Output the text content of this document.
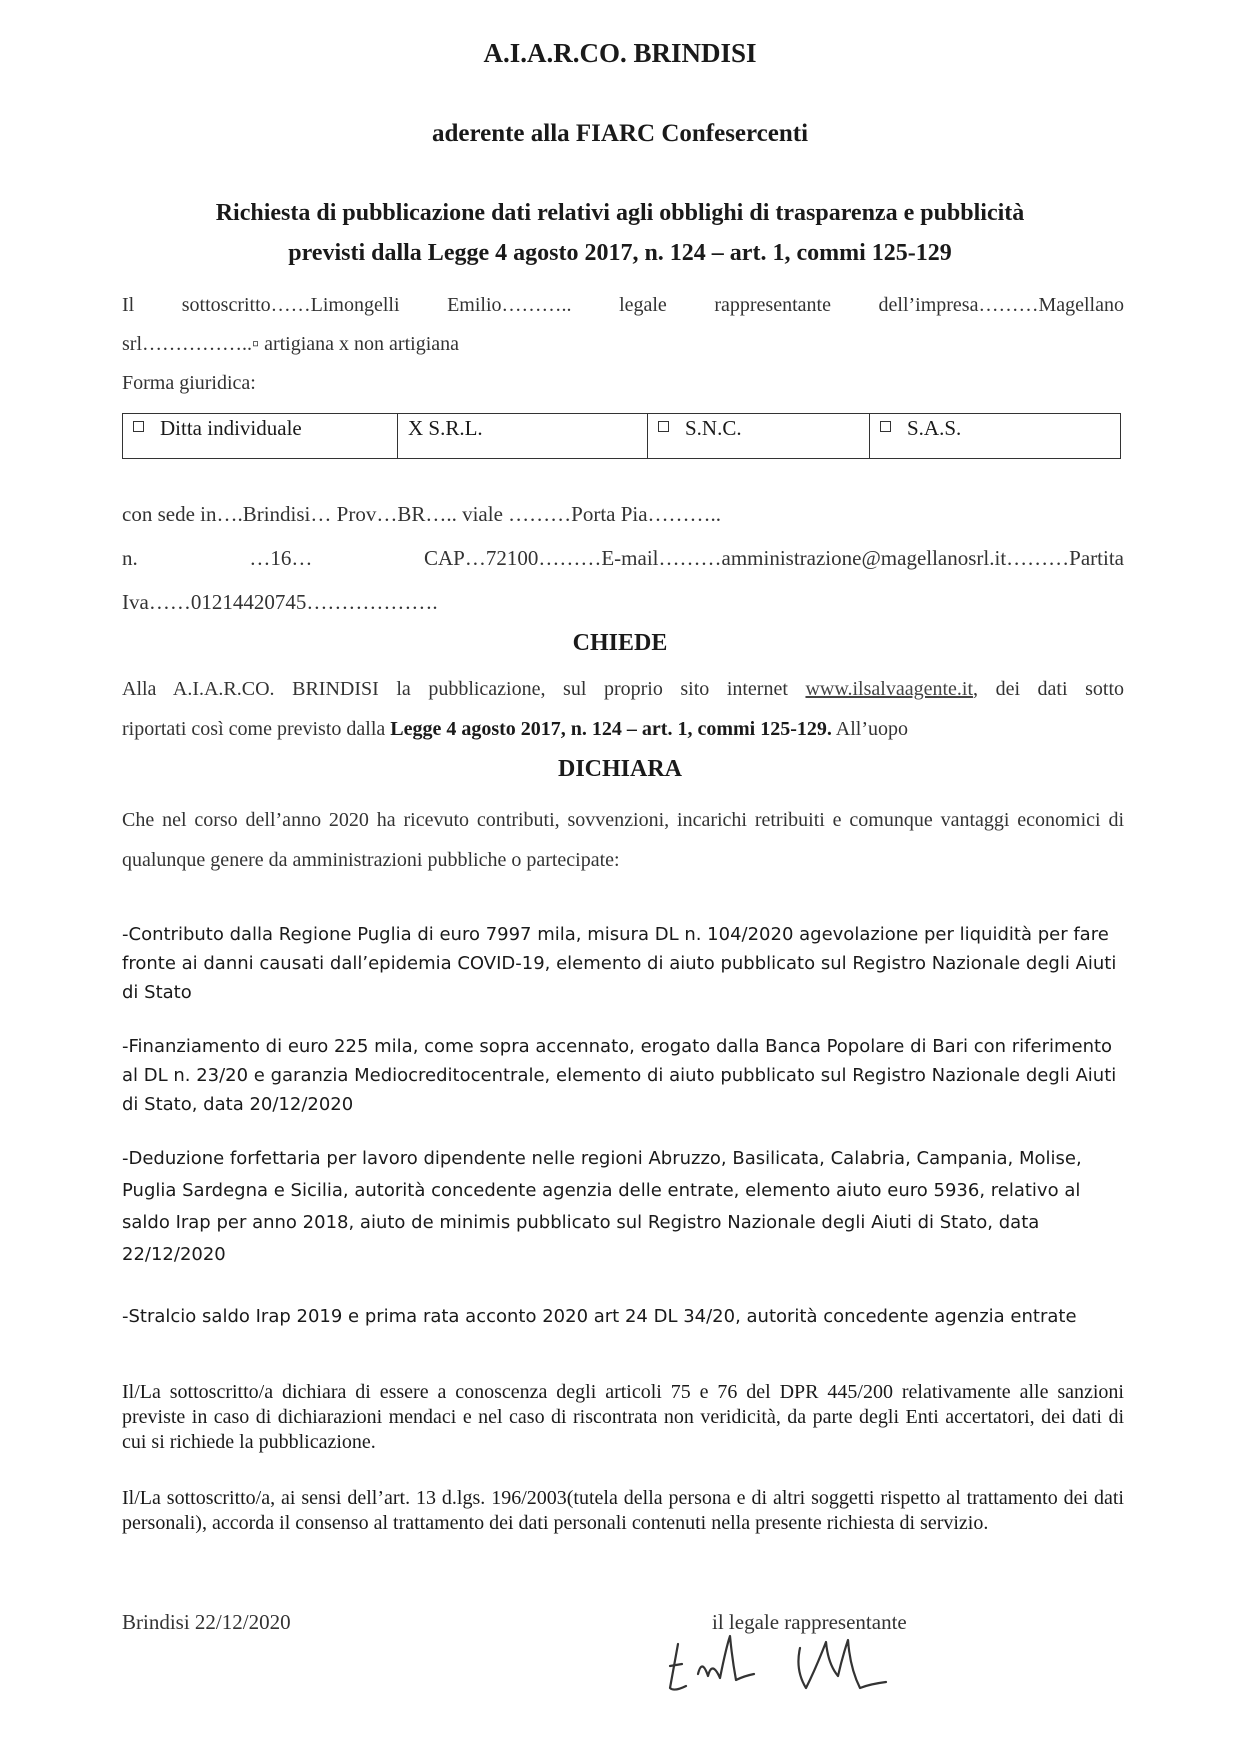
A.I.A.R.CO. BRINDISI
aderente alla FIARC Confesercenti
Richiesta di pubblicazione dati relativi agli obblighi di trasparenza e pubblicità
previsti dalla Legge 4 agosto 2017, n. 124 – art. 1, commi 125-129
Il sottoscritto……Limongelli Emilio……….. legale rappresentante dell’impresa………Magellano
srl……………..▫ artigiana x non artigiana
Forma giuridica:
Ditta individuale	X S.R.L.	S.N.C.	S.A.S.
con sede in….Brindisi… Prov…BR….. viale ………Porta Pia………..
n. …16… CAP…72100………E-mail………amministrazione@magellanosrl.it………Partita
Iva……01214420745……………….
CHIEDE
Alla A.I.A.R.CO. BRINDISI la pubblicazione, sul proprio sito internet www.ilsalvaagente.it, dei dati sotto
riportati così come previsto dalla Legge 4 agosto 2017, n. 124 – art. 1, commi 125-129. All’uopo
DICHIARA
Che nel corso dell’anno 2020 ha ricevuto contributi, sovvenzioni, incarichi retribuiti e comunque vantaggi economici di qualunque genere da amministrazioni pubbliche o partecipate:
-Contributo dalla Regione Puglia di euro 7997 mila, misura DL n. 104/2020 agevolazione per liquidità per fare fronte ai danni causati dall’epidemia COVID-19, elemento di aiuto pubblicato sul Registro Nazionale degli Aiuti di Stato
-Finanziamento di euro 225 mila, come sopra accennato, erogato dalla Banca Popolare di Bari con riferimento al DL n. 23/20 e garanzia Mediocreditocentrale, elemento di aiuto pubblicato sul Registro Nazionale degli Aiuti di Stato, data 20/12/2020
-Deduzione forfettaria per lavoro dipendente nelle regioni Abruzzo, Basilicata, Calabria, Campania, Molise, Puglia Sardegna e Sicilia, autorità concedente agenzia delle entrate, elemento aiuto euro 5936, relativo al saldo Irap per anno 2018, aiuto de minimis pubblicato sul Registro Nazionale degli Aiuti di Stato, data 22/12/2020
-Stralcio saldo Irap 2019 e prima rata acconto 2020 art 24 DL 34/20, autorità concedente agenzia entrate
Il/La sottoscritto/a dichiara di essere a conoscenza degli articoli 75 e 76 del DPR 445/200 relativamente alle sanzioni previste in caso di dichiarazioni mendaci e nel caso di riscontrata non veridicità, da parte degli Enti accertatori, dei dati di cui si richiede la pubblicazione.
Il/La sottoscritto/a, ai sensi dell’art. 13 d.lgs. 196/2003(tutela della persona e di altri soggetti rispetto al trattamento dei dati personali), accorda il consenso al trattamento dei dati personali contenuti nella presente richiesta di servizio.
Brindisi 22/12/2020	il legale rappresentante
